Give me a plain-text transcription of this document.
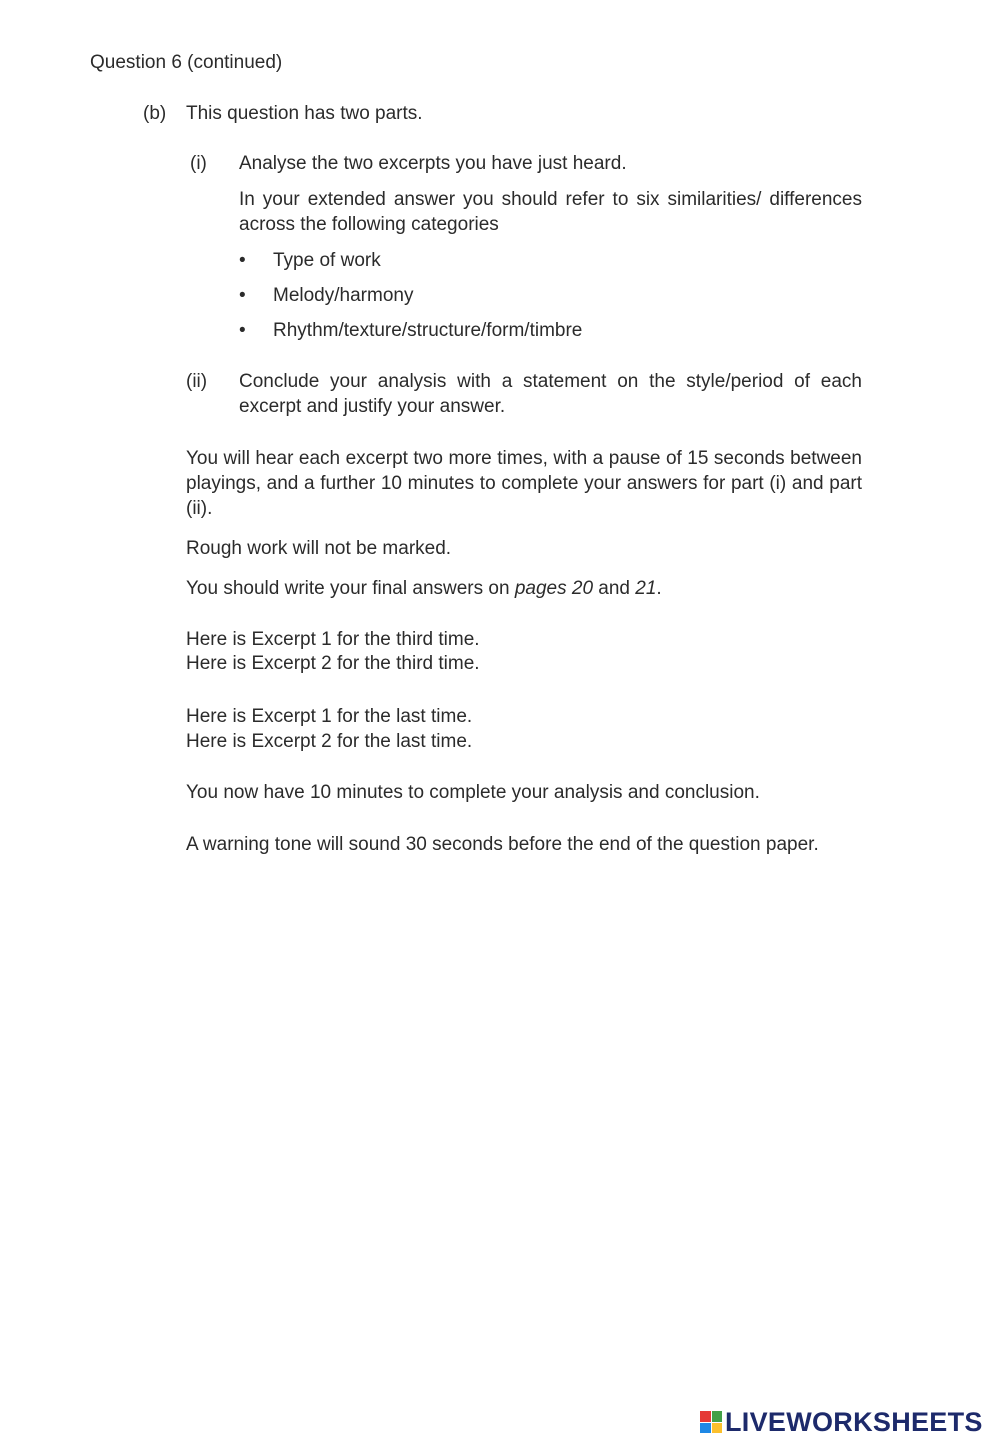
Question 6 (continued)
(b) This question has two parts.
(i) Analyse the two excerpts you have just heard.
In your extended answer you should refer to six similarities/ differences across the following categories
• Type of work
• Melody/harmony
• Rhythm/texture/structure/form/timbre
(ii) Conclude your analysis with a statement on the style/period of each excerpt and justify your answer.
You will hear each excerpt two more times, with a pause of 15 seconds between playings, and a further 10 minutes to complete your answers for part (i) and part (ii).
Rough work will not be marked.
You should write your final answers on pages 20 and 21.
Here is Excerpt 1 for the third time.
Here is Excerpt 2 for the third time.
Here is Excerpt 1 for the last time.
Here is Excerpt 2 for the last time.
You now have 10 minutes to complete your analysis and conclusion.
A warning tone will sound 30 seconds before the end of the question paper.
LIVEWORKSHEETS
